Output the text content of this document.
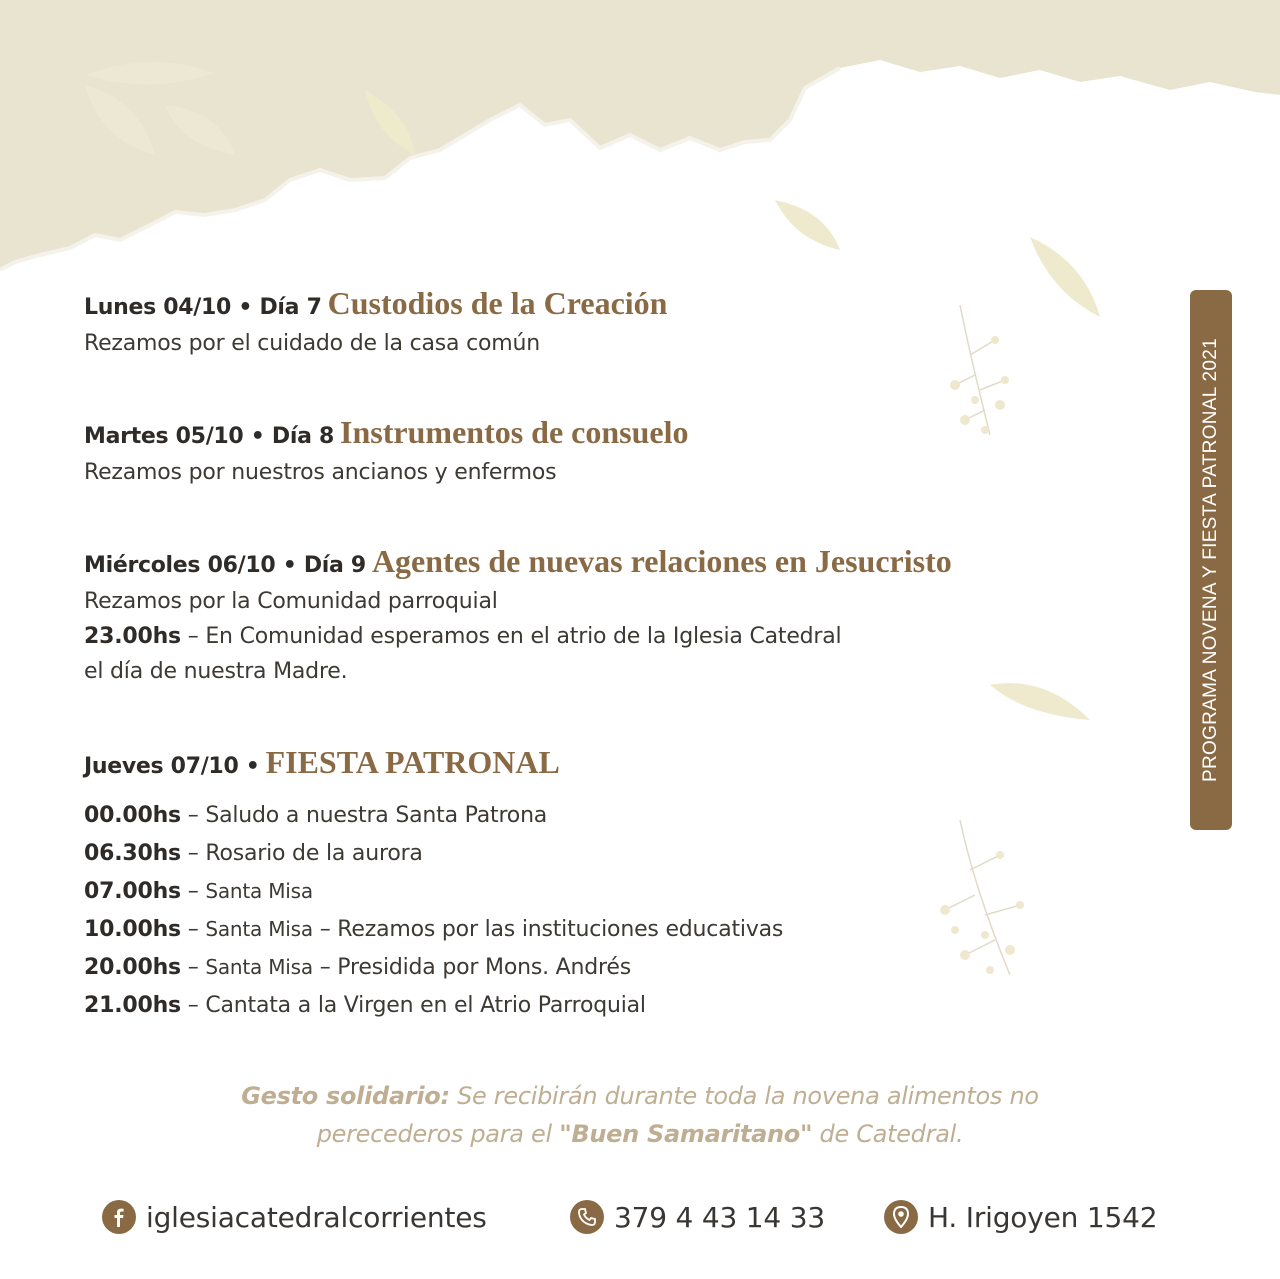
PROGRAMA NOVENA Y FIESTA PATRONAL 2021
Lunes 04/10 • Día 7 Custodios de la Creación
Rezamos por el cuidado de la casa común
Martes 05/10 • Día 8 Instrumentos de consuelo
Rezamos por nuestros ancianos y enfermos
Miércoles 06/10 • Día 9 Agentes de nuevas relaciones en Jesucristo
Rezamos por la Comunidad parroquial
23.00hs – En Comunidad esperamos en el atrio de la Iglesia Catedral
el día de nuestra Madre.
Jueves 07/10 • FIESTA PATRONAL
00.00hs – Saludo a nuestra Santa Patrona
06.30hs – Rosario de la aurora
07.00hs – Santa Misa
10.00hs – Santa Misa – Rezamos por las instituciones educativas
20.00hs – Santa Misa – Presidida por Mons. Andrés
21.00hs – Cantata a la Virgen en el Atrio Parroquial
Gesto solidario: Se recibirán durante toda la novena alimentos no
perecederos para el "Buen Samaritano" de Catedral.
iglesiacatedralcorrientes	379 4 43 14 33	H. Irigoyen 1542
